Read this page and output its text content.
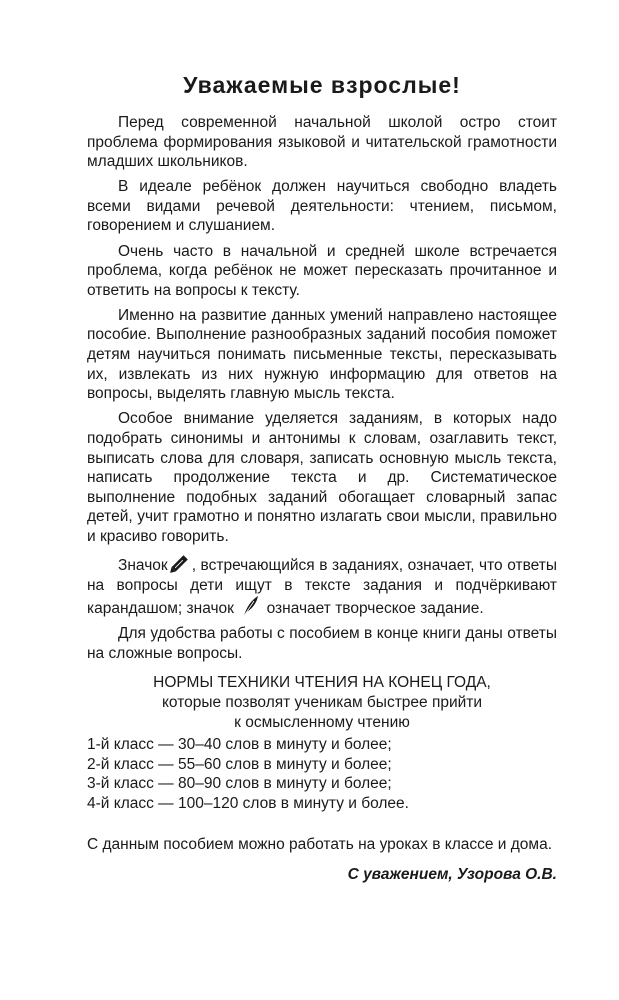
Уважаемые взрослые!

Перед современной начальной школой остро стоит проблема формирования языковой и читательской грамотности младших школьников.

В идеале ребёнок должен научиться свободно владеть всеми видами речевой деятельности: чтением, письмом, говорением и слушанием.

Очень часто в начальной и средней школе встречается проблема, когда ребёнок не может пересказать прочитанное и ответить на вопросы к тексту.

Именно на развитие данных умений направлено настоящее пособие. Выполнение разнообразных заданий пособия поможет детям научиться понимать письменные тексты, пересказывать их, извлекать из них нужную информацию для ответов на вопросы, выделять главную мысль текста.

Особое внимание уделяется заданиям, в которых надо подобрать синонимы и антонимы к словам, озаглавить текст, выписать слова для словаря, записать основную мысль текста, написать продолжение текста и др. Систематическое выполнение подобных заданий обогащает словарный запас детей, учит грамотно и понятно излагать свои мысли, правильно и красиво говорить.

Значок , встречающийся в заданиях, означает, что ответы на вопросы дети ищут в тексте задания и подчёркивают карандашом; значок означает творческое задание.

Для удобства работы с пособием в конце книги даны ответы на сложные вопросы.

НОРМЫ ТЕХНИКИ ЧТЕНИЯ НА КОНЕЦ ГОДА,
которые позволят ученикам быстрее прийти
к осмысленному чтению
1-й класс — 30–40 слов в минуту и более;
2-й класс — 55–60 слов в минуту и более;
3-й класс — 80–90 слов в минуту и более;
4-й класс — 100–120 слов в минуту и более.
С данным пособием можно работать на уроках в классе и дома.
С уважением, Узорова О.В.
